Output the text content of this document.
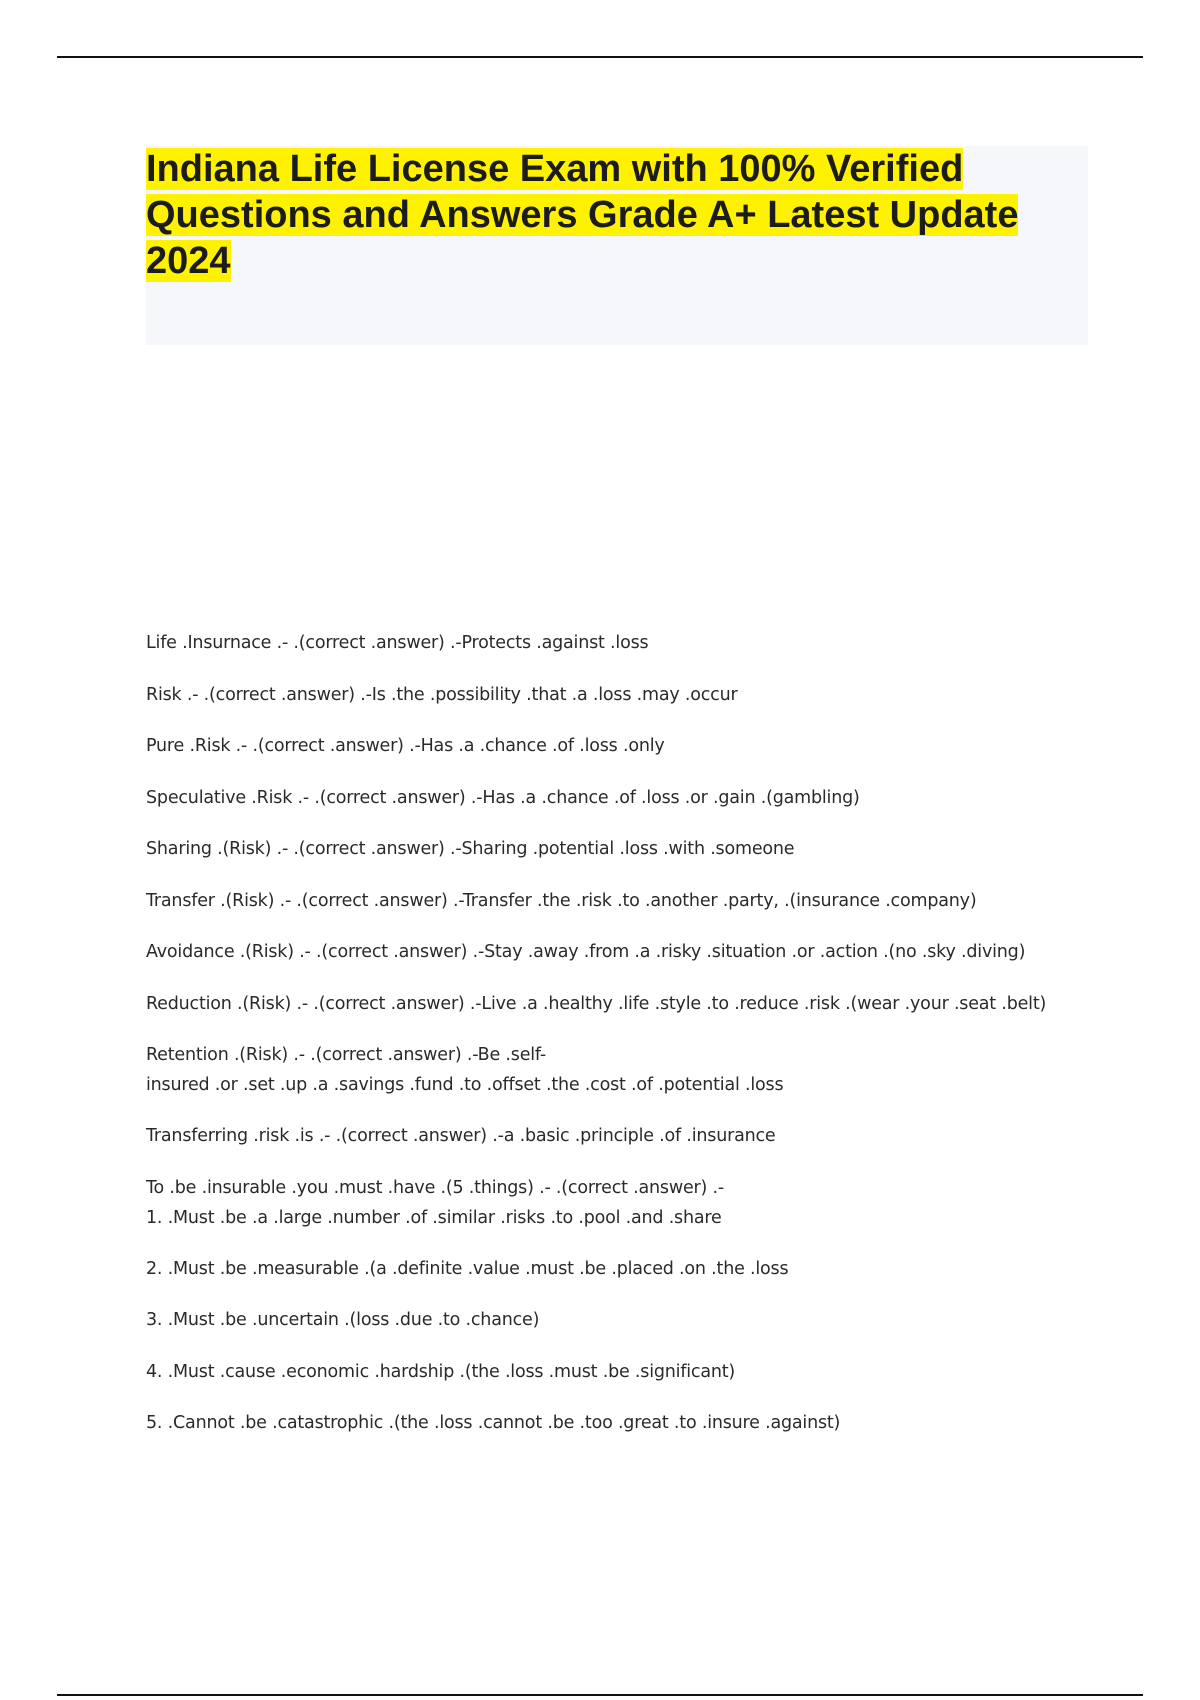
Indiana Life License Exam with 100% Verified
Questions and Answers Grade A+ Latest Update
2024
Life .Insurnace .- .(correct .answer) .-Protects .against .loss
Risk .- .(correct .answer) .-Is .the .possibility .that .a .loss .may .occur
Pure .Risk .- .(correct .answer) .-Has .a .chance .of .loss .only
Speculative .Risk .- .(correct .answer) .-Has .a .chance .of .loss .or .gain .(gambling)
Sharing .(Risk) .- .(correct .answer) .-Sharing .potential .loss .with .someone
Transfer .(Risk) .- .(correct .answer) .-Transfer .the .risk .to .another .party, .(insurance .company)
Avoidance .(Risk) .- .(correct .answer) .-Stay .away .from .a .risky .situation .or .action .(no .sky .diving)
Reduction .(Risk) .- .(correct .answer) .-Live .a .healthy .life .style .to .reduce .risk .(wear .your .seat .belt)
Retention .(Risk) .- .(correct .answer) .-Be .self-
insured .or .set .up .a .savings .fund .to .offset .the .cost .of .potential .loss
Transferring .risk .is .- .(correct .answer) .-a .basic .principle .of .insurance
To .be .insurable .you .must .have .(5 .things) .- .(correct .answer) .-
1. .Must .be .a .large .number .of .similar .risks .to .pool .and .share
2. .Must .be .measurable .(a .definite .value .must .be .placed .on .the .loss
3. .Must .be .uncertain .(loss .due .to .chance)
4. .Must .cause .economic .hardship .(the .loss .must .be .significant)
5. .Cannot .be .catastrophic .(the .loss .cannot .be .too .great .to .insure .against)
